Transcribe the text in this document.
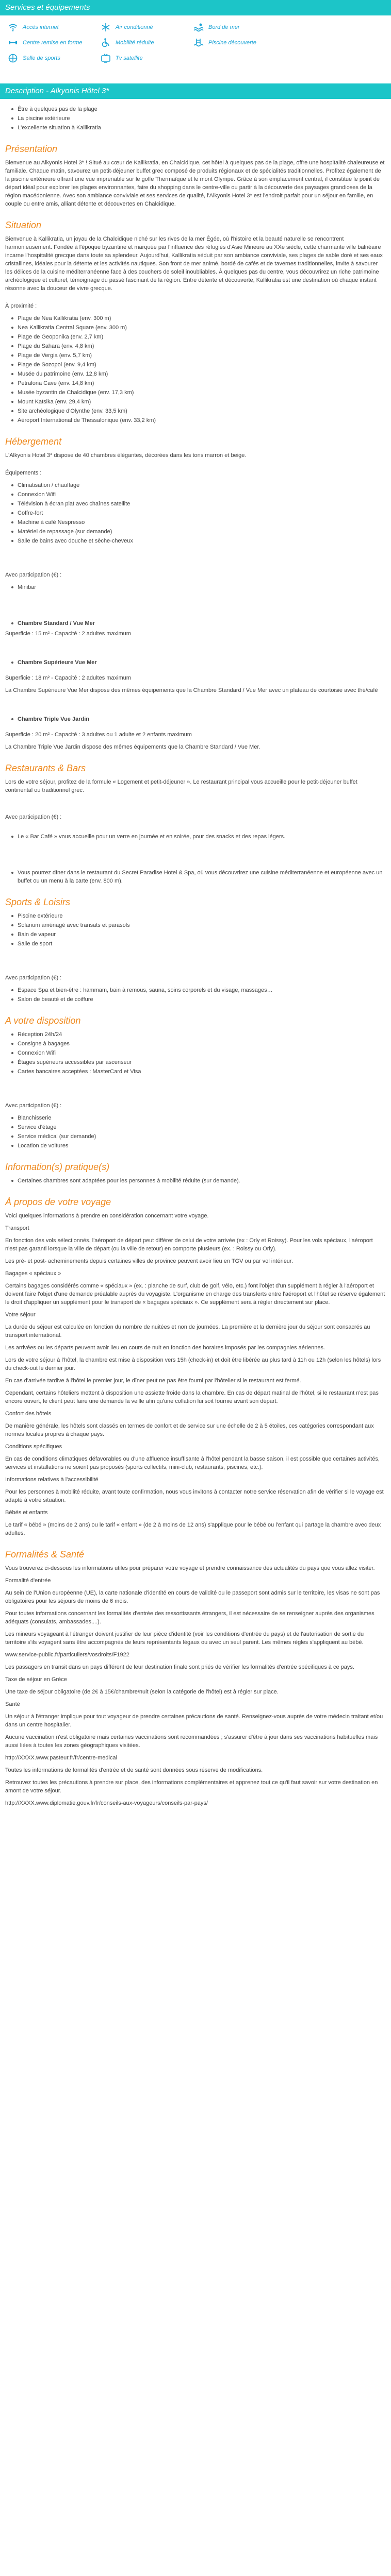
Services et équipements
Accès internet	Air conditionné	Bord de mer
Centre remise en forme	Mobilité réduite	Piscine découverte
Salle de sports	Tv satellite
Description - Alkyonis Hôtel 3*
Être à quelques pas de la plage
La piscine extérieure
L'excellente situation à Kallikratia
Présentation

Bienvenue au Alkyonis Hotel 3* ! Situé au cœur de Kallikratia, en Chalcidique, cet hôtel à quelques pas de la plage, offre une hospitalité chaleureuse et familiale. Chaque matin, savourez un petit-déjeuner buffet grec composé de produits régionaux et de spécialités traditionnelles. Profitez également de la piscine extérieure offrant une vue imprenable sur le golfe Thermaïque et le mont Olympe. Grâce à son emplacement central, il constitue le point de départ idéal pour explorer les plages environnantes, faire du shopping dans le centre-ville ou partir à la découverte des paysages grandioses de la région macédonienne. Avec son ambiance conviviale et ses services de qualité, l'Alkyonis Hotel 3* est l'endroit parfait pour un séjour en famille, en couple ou entre amis, alliant détente et découvertes en Chalcidique.

Situation

Bienvenue à Kallikratia, un joyau de la Chalcidique niché sur les rives de la mer Égée, où l'histoire et la beauté naturelle se rencontrent harmonieusement. Fondée à l'époque byzantine et marquée par l'influence des réfugiés d'Asie Mineure au XXe siècle, cette charmante ville balnéaire incarne l'hospitalité grecque dans toute sa splendeur. Aujourd'hui, Kallikratia séduit par son ambiance conviviale, ses plages de sable doré et ses eaux cristallines, idéales pour la détente et les activités nautiques. Son front de mer animé, bordé de cafés et de tavernes traditionnelles, invite à savourer les délices de la cuisine méditerranéenne face à des couchers de soleil inoubliables. À quelques pas du centre, vous découvrirez un riche patrimoine archéologique et culturel, témoignage du passé fascinant de la région. Entre détente et découverte, Kallikratia est une destination où chaque instant résonne avec la douceur de vivre grecque.

À proximité :

Plage de Nea Kallikratia (env. 300 m)
Nea Kallikratia Central Square (env. 300 m)
Plage de Geoponika (env. 2,7 km)
Plage du Sahara (env. 4,8 km)
Plage de Vergia (env. 5,7 km)
Plage de Sozopol (env. 9,4 km)
Musée du patrimoine (env. 12,8 km)
Petralona Cave (env. 14,8 km)
Musée byzantin de Chalcidique (env. 17,3 km)
Mount Katsika (env. 29,4 km)
Site archéologique d'Olynthe (env. 33,5 km)
Aéroport International de Thessalonique (env. 33,2 km)
Hébergement

L'Alkyonis Hotel 3* dispose de 40 chambres élégantes, décorées dans les tons marron et beige.

Équipements :

Climatisation / chauffage
Connexion Wifi
Télévision à écran plat avec chaînes satellite
Coffre-fort
Machine à café Nespresso
Matériel de repassage (sur demande)
Salle de bains avec douche et sèche-cheveux

Avec participation (€) :

Minibar
Chambre Standard / Vue Mer

Superficie : 15 m² - Capacité : 2 adultes maximum

Chambre Supérieure Vue Mer

Superficie : 18 m² - Capacité : 2 adultes maximum

La Chambre Supérieure Vue Mer dispose des mêmes équipements que la Chambre Standard / Vue Mer avec un plateau de courtoisie avec thé/café

Chambre Triple Vue Jardin

Superficie : 20 m² - Capacité : 3 adultes ou 1 adulte et 2 enfants maximum

La Chambre Triple Vue Jardin dispose des mêmes équipements que la Chambre Standard / Vue Mer.

Restaurants & Bars

Lors de votre séjour, profitez de la formule « Logement et petit-déjeuner ». Le restaurant principal vous accueille pour le petit-déjeuner buffet continental ou traditionnel grec.

Avec participation (€) :

Le « Bar Café » vous accueille pour un verre en journée et en soirée, pour des snacks et des repas légers.
Vous pourrez dîner dans le restaurant du Secret Paradise Hotel & Spa, où vous découvrirez une cuisine méditerranéenne et européenne avec un buffet ou un menu à la carte (env. 800 m).
Sports & Loisirs
Piscine extérieure
Solarium aménagé avec transats et parasols
Bain de vapeur
Salle de sport

Avec participation (€) :

Espace Spa et bien-être : hammam, bain à remous, sauna, soins corporels et du visage, massages…
Salon de beauté et de coiffure
A votre disposition
Réception 24h/24
Consigne à bagages
Connexion Wifi
Étages supérieurs accessibles par ascenseur
Cartes bancaires acceptées : MasterCard et Visa

Avec participation (€) :

Blanchisserie
Service d'étage
Service médical (sur demande)
Location de voitures
Information(s) pratique(s)
Certaines chambres sont adaptées pour les personnes à mobilité réduite (sur demande).
À propos de votre voyage

Voici quelques informations à prendre en considération concernant votre voyage.

Transport

En fonction des vols sélectionnés, l'aéroport de départ peut différer de celui de votre arrivée (ex : Orly et Roissy). Pour les vols spéciaux, l'aéroport n'est pas garanti lorsque la ville de départ (ou la ville de retour) en comporte plusieurs (ex. : Roissy ou Orly).

Les pré- et post- acheminements depuis certaines villes de province peuvent avoir lieu en TGV ou par vol intérieur.

Bagages « spéciaux »

Certains bagages considérés comme « spéciaux » (ex. : planche de surf, club de golf, vélo, etc.) font l'objet d'un supplément à régler à l'aéroport et doivent faire l'objet d'une demande préalable auprès du voyagiste. L'organisme en charge des transferts entre l'aéroport et l'hôtel se réserve également le droit d'appliquer un supplément pour le transport de « bagages spéciaux ». Ce supplément sera à régler directement sur place.

Votre séjour

La durée du séjour est calculée en fonction du nombre de nuitées et non de journées. La première et la dernière jour du séjour sont consacrés au transport international.

Les arrivées ou les départs peuvent avoir lieu en cours de nuit en fonction des horaires imposés par les compagnies aériennes.

Lors de votre séjour à l'hôtel, la chambre est mise à disposition vers 15h (check-in) et doit être libérée au plus tard à 11h ou 12h (selon les hôtels) lors du check-out le dernier jour.

En cas d'arrivée tardive à l'hôtel le premier jour, le dîner peut ne pas être fourni par l'hôtelier si le restaurant est fermé.

Cependant, certains hôteliers mettent à disposition une assiette froide dans la chambre. En cas de départ matinal de l'hôtel, si le restaurant n'est pas encore ouvert, le client peut faire une demande la veille afin qu'une collation lui soit fournie avant son départ.

Confort des hôtels

De manière générale, les hôtels sont classés en termes de confort et de service sur une échelle de 2 à 5 étoiles, ces catégories correspondant aux normes locales propres à chaque pays.

Conditions spécifiques

En cas de conditions climatiques défavorables ou d'une affluence insuffisante à l'hôtel pendant la basse saison, il est possible que certaines activités, services et installations ne soient pas proposés (sports collectifs, mini-club, restaurants, piscines, etc.).

Informations relatives à l'accessibilité

Pour les personnes à mobilité réduite, avant toute confirmation, nous vous invitons à contacter notre service réservation afin de vérifier si le voyage est adapté à votre situation.

Bébés et enfants

Le tarif « bébé » (moins de 2 ans) ou le tarif « enfant » (de 2 à moins de 12 ans) s'applique pour le bébé ou l'enfant qui partage la chambre avec deux adultes.

Formalités & Santé

Vous trouverez ci-dessous les informations utiles pour préparer votre voyage et prendre connaissance des actualités du pays que vous allez visiter.

Formalité d'entrée

Au sein de l'Union européenne (UE), la carte nationale d'identité en cours de validité ou le passeport sont admis sur le territoire, les visas ne sont pas obligatoires pour les séjours de moins de 6 mois.

Pour toutes informations concernant les formalités d'entrée des ressortissants étrangers, il est nécessaire de se renseigner auprès des organismes adéquats (consulats, ambassades,...).

Les mineurs voyageant à l'étranger doivent justifier de leur pièce d'identité (voir les conditions d'entrée du pays) et de l'autorisation de sortie du territoire s'ils voyagent sans être accompagnés de leurs représentants légaux ou avec un seul parent. Les mêmes règles s'appliquent au bébé.

www.service-public.fr/particuliers/vosdroits/F1922

Les passagers en transit dans un pays différent de leur destination finale sont priés de vérifier les formalités d'entrée spécifiques à ce pays.

Taxe de séjour en Grèce

Une taxe de séjour obligatoire (de 2€ à 15€/chambre/nuit (selon la catégorie de l'hôtel) est à régler sur place.

Santé

Un séjour à l'étranger implique pour tout voyageur de prendre certaines précautions de santé. Renseignez-vous auprès de votre médecin traitant et/ou dans un centre hospitalier.

Aucune vaccination n'est obligatoire mais certaines vaccinations sont recommandées ; s'assurer d'être à jour dans ses vaccinations habituelles mais aussi liées à toutes les zones géographiques visitées.

http://XXXX.www.pasteur.fr/fr/centre-medical

Toutes les informations de formalités d'entrée et de santé sont données sous réserve de modifications.

Retrouvez toutes les précautions à prendre sur place, des informations complémentaires et apprenez tout ce qu'il faut savoir sur votre destination en amont de votre séjour.

http://XXXX.www.diplomatie.gouv.fr/fr/conseils-aux-voyageurs/conseils-par-pays/
